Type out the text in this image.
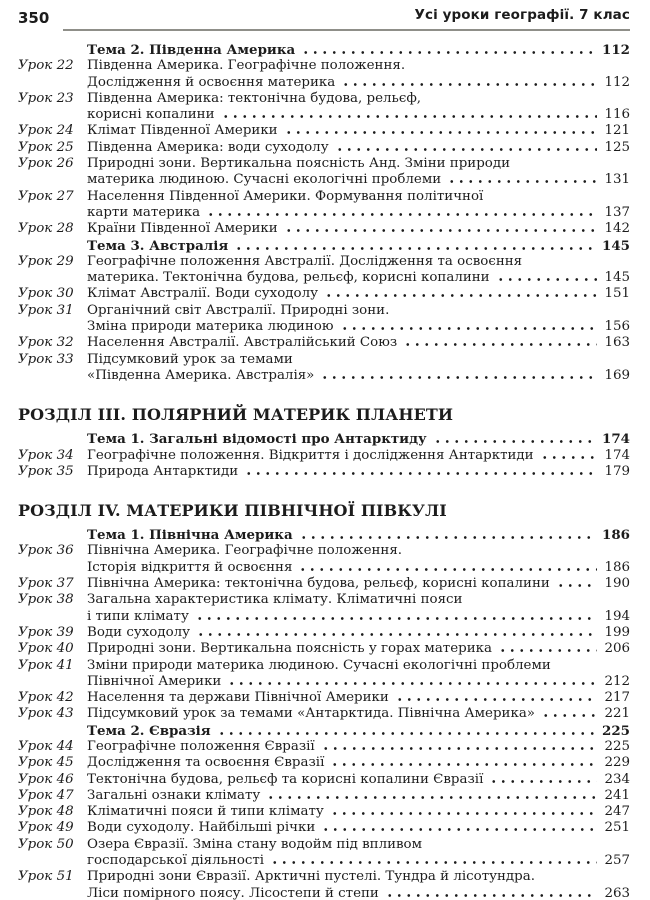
350	Усі уроки географії. 7 клас
Тема 2. Південна Америка	112
Урок 22 Південна Америка. Географічне положення.
Дослідження й освоєння материка	112
Урок 23 Південна Америка: тектонічна будова, рельєф,
корисні копалини	116
Урок 24 Клімат Південної Америки	121
Урок 25 Південна Америка: води суходолу	125
Урок 26 Природні зони. Вертикальна поясність Анд. Зміни природи
материка людиною. Сучасні екологічні проблеми	131
Урок 27 Населення Південної Америки. Формування політичної
карти материка	137
Урок 28 Країни Південної Америки	142
Тема 3. Австралія	145
Урок 29 Географічне положення Австралії. Дослідження та освоєння
материка. Тектонічна будова, рельєф, корисні копалини	145
Урок 30 Клімат Австралії. Води суходолу	151
Урок 31 Органічний світ Австралії. Природні зони.
Зміна природи материка людиною	156
Урок 32 Населення Австралії. Австралійський Союз	163
Урок 33 Підсумковий урок за темами
«Південна Америка. Австралія»	169
РОЗДІЛ III. ПОЛЯРНИЙ МАТЕРИК ПЛАНЕТИ
Тема 1. Загальні відомості про Антарктиду	174
Урок 34 Географічне положення. Відкриття і дослідження Антарктиди	174
Урок 35 Природа Антарктиди	179
РОЗДІЛ IV. МАТЕРИКИ ПІВНІЧНОЇ ПІВКУЛІ
Тема 1. Північна Америка	186
Урок 36 Північна Америка. Географічне положення.
Історія відкриття й освоєння	186
Урок 37 Північна Америка: тектонічна будова, рельєф, корисні копалини	190
Урок 38 Загальна характеристика клімату. Кліматичні пояси
і типи клімату	194
Урок 39 Води суходолу	199
Урок 40 Природні зони. Вертикальна поясність у горах материка	206
Урок 41 Зміни природи материка людиною. Сучасні екологічні проблеми
Північної Америки	212
Урок 42 Населення та держави Північної Америки	217
Урок 43 Підсумковий урок за темами «Антарктида. Північна Америка»	221
Тема 2. Євразія	225
Урок 44 Географічне положення Євразії	225
Урок 45 Дослідження та освоєння Євразії	229
Урок 46 Тектонічна будова, рельєф та корисні копалини Євразії	234
Урок 47 Загальні ознаки клімату	241
Урок 48 Кліматичні пояси й типи клімату	247
Урок 49 Води суходолу. Найбільші річки	251
Урок 50 Озера Євразії. Зміна стану водойм під впливом
господарської діяльності	257
Урок 51 Природні зони Євразії. Арктичні пустелі. Тундра й лісотундра.
Ліси помірного поясу. Лісостепи й степи	263
